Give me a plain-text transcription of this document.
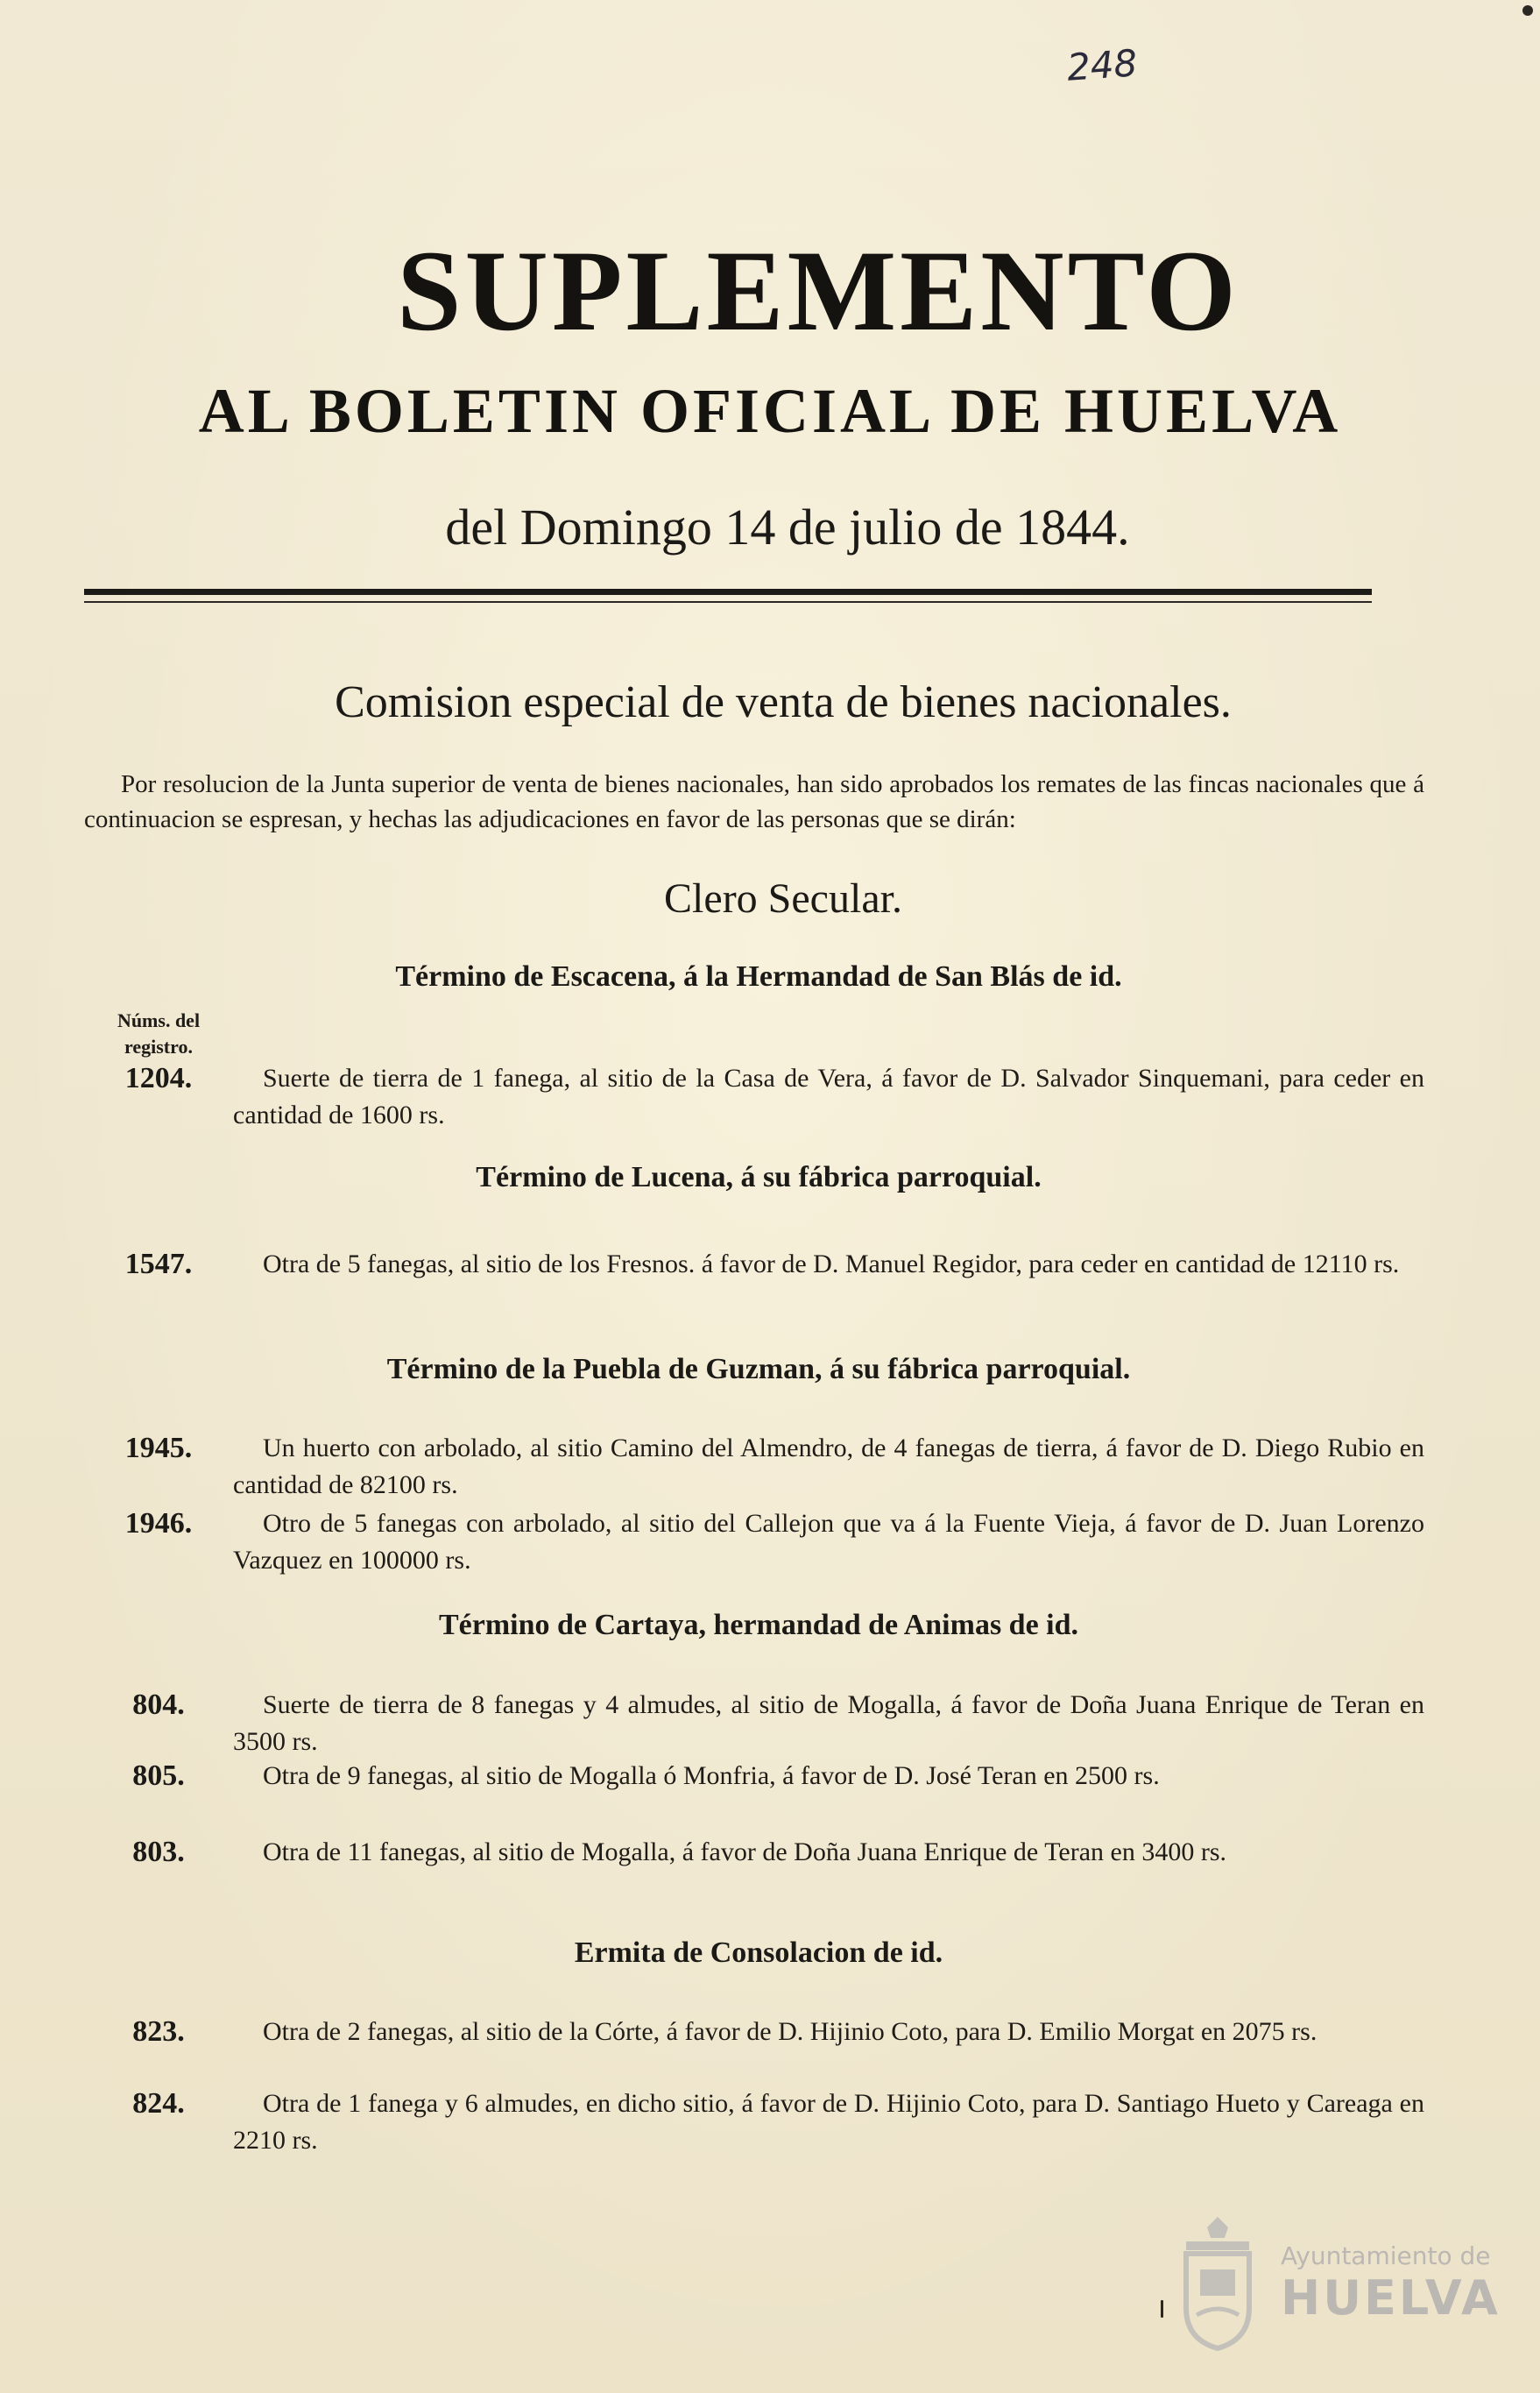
248
SUPLEMENTO
AL BOLETIN OFICIAL DE HUELVA
del Domingo 14 de julio de 1844.
Comision especial de venta de bienes nacionales.
Por resolucion de la Junta superior de venta de bienes nacionales, han sido aprobados los remates de las fincas nacionales que á continuacion se espresan, y hechas las adjudicaciones en favor de las personas que se dirán:
Clero Secular.
Término de Escacena, á la Hermandad de San Blás de id.
Núms. del registro.
1204.	Suerte de tierra de 1 fanega, al sitio de la Casa de Vera, á favor de D. Salvador Sinquemani, para ceder en cantidad de 1600 rs.
Término de Lucena, á su fábrica parroquial.
1547.	Otra de 5 fanegas, al sitio de los Fresnos. á favor de D. Manuel Regidor, para ceder en cantidad de 12110 rs.
Término de la Puebla de Guzman, á su fábrica parroquial.
1945.	Un huerto con arbolado, al sitio Camino del Almendro, de 4 fanegas de tierra, á favor de D. Diego Rubio en cantidad de 82100 rs.
1946.	Otro de 5 fanegas con arbolado, al sitio del Callejon que va á la Fuente Vieja, á favor de D. Juan Lorenzo Vazquez en 100000 rs.
Término de Cartaya, hermandad de Animas de id.
804.	Suerte de tierra de 8 fanegas y 4 almudes, al sitio de Mogalla, á favor de Doña Juana Enrique de Teran en 3500 rs.
805.	Otra de 9 fanegas, al sitio de Mogalla ó Monfria, á favor de D. José Teran en 2500 rs.
803.	Otra de 11 fanegas, al sitio de Mogalla, á favor de Doña Juana Enrique de Teran en 3400 rs.
Ermita de Consolacion de id.
823.	Otra de 2 fanegas, al sitio de la Córte, á favor de D. Hijinio Coto, para D. Emilio Morgat en 2075 rs.
824.	Otra de 1 fanega y 6 almudes, en dicho sitio, á favor de D. Hijinio Coto, para D. Santiago Hueto y Careaga en 2210 rs.
Ayuntamiento de
HUELVA
